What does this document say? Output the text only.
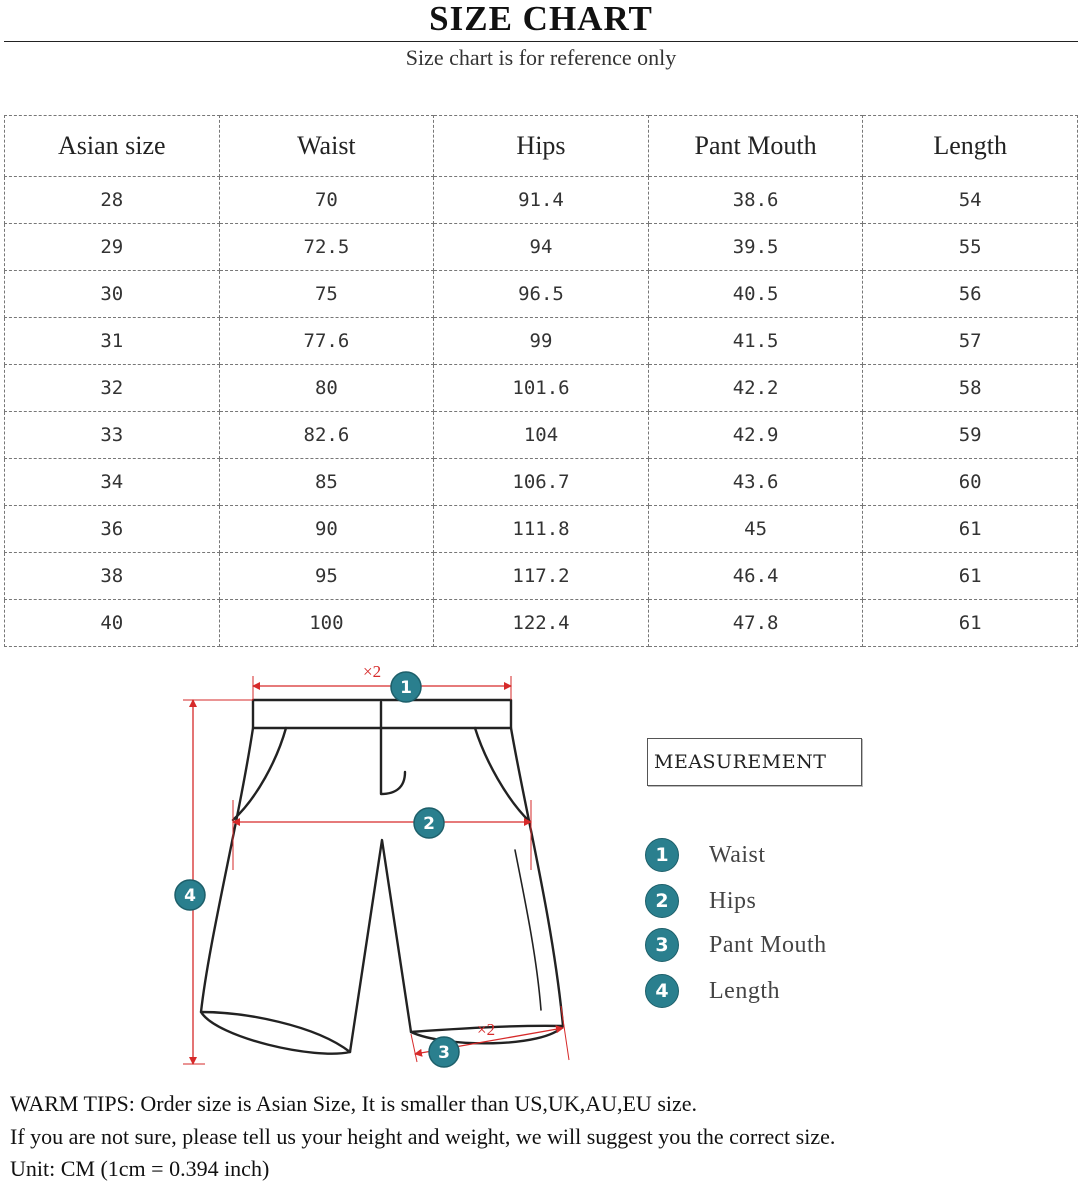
SIZE CHART
Size chart is for reference only
Asian size	Waist	Hips	Pant Mouth	Length
28	70	91.4	38.6	54
29	72.5	94	39.5	55
30	75	96.5	40.5	56
31	77.6	99	41.5	57
32	80	101.6	42.2	58
33	82.6	104	42.9	59
34	85	106.7	43.6	60
36	90	111.8	45	61
38	95	117.2	46.4	61
40	100	122.4	47.8	61
×2
×2
1
2
3
4
MEASUREMENT
1	Waist
2	Hips
3	Pant Mouth
4	Length
WARM TIPS: Order size is Asian Size, It is smaller than US,UK,AU,EU size.
If you are not sure, please tell us your height and weight, we will suggest you the correct size.
Unit: CM (1cm = 0.394 inch)
